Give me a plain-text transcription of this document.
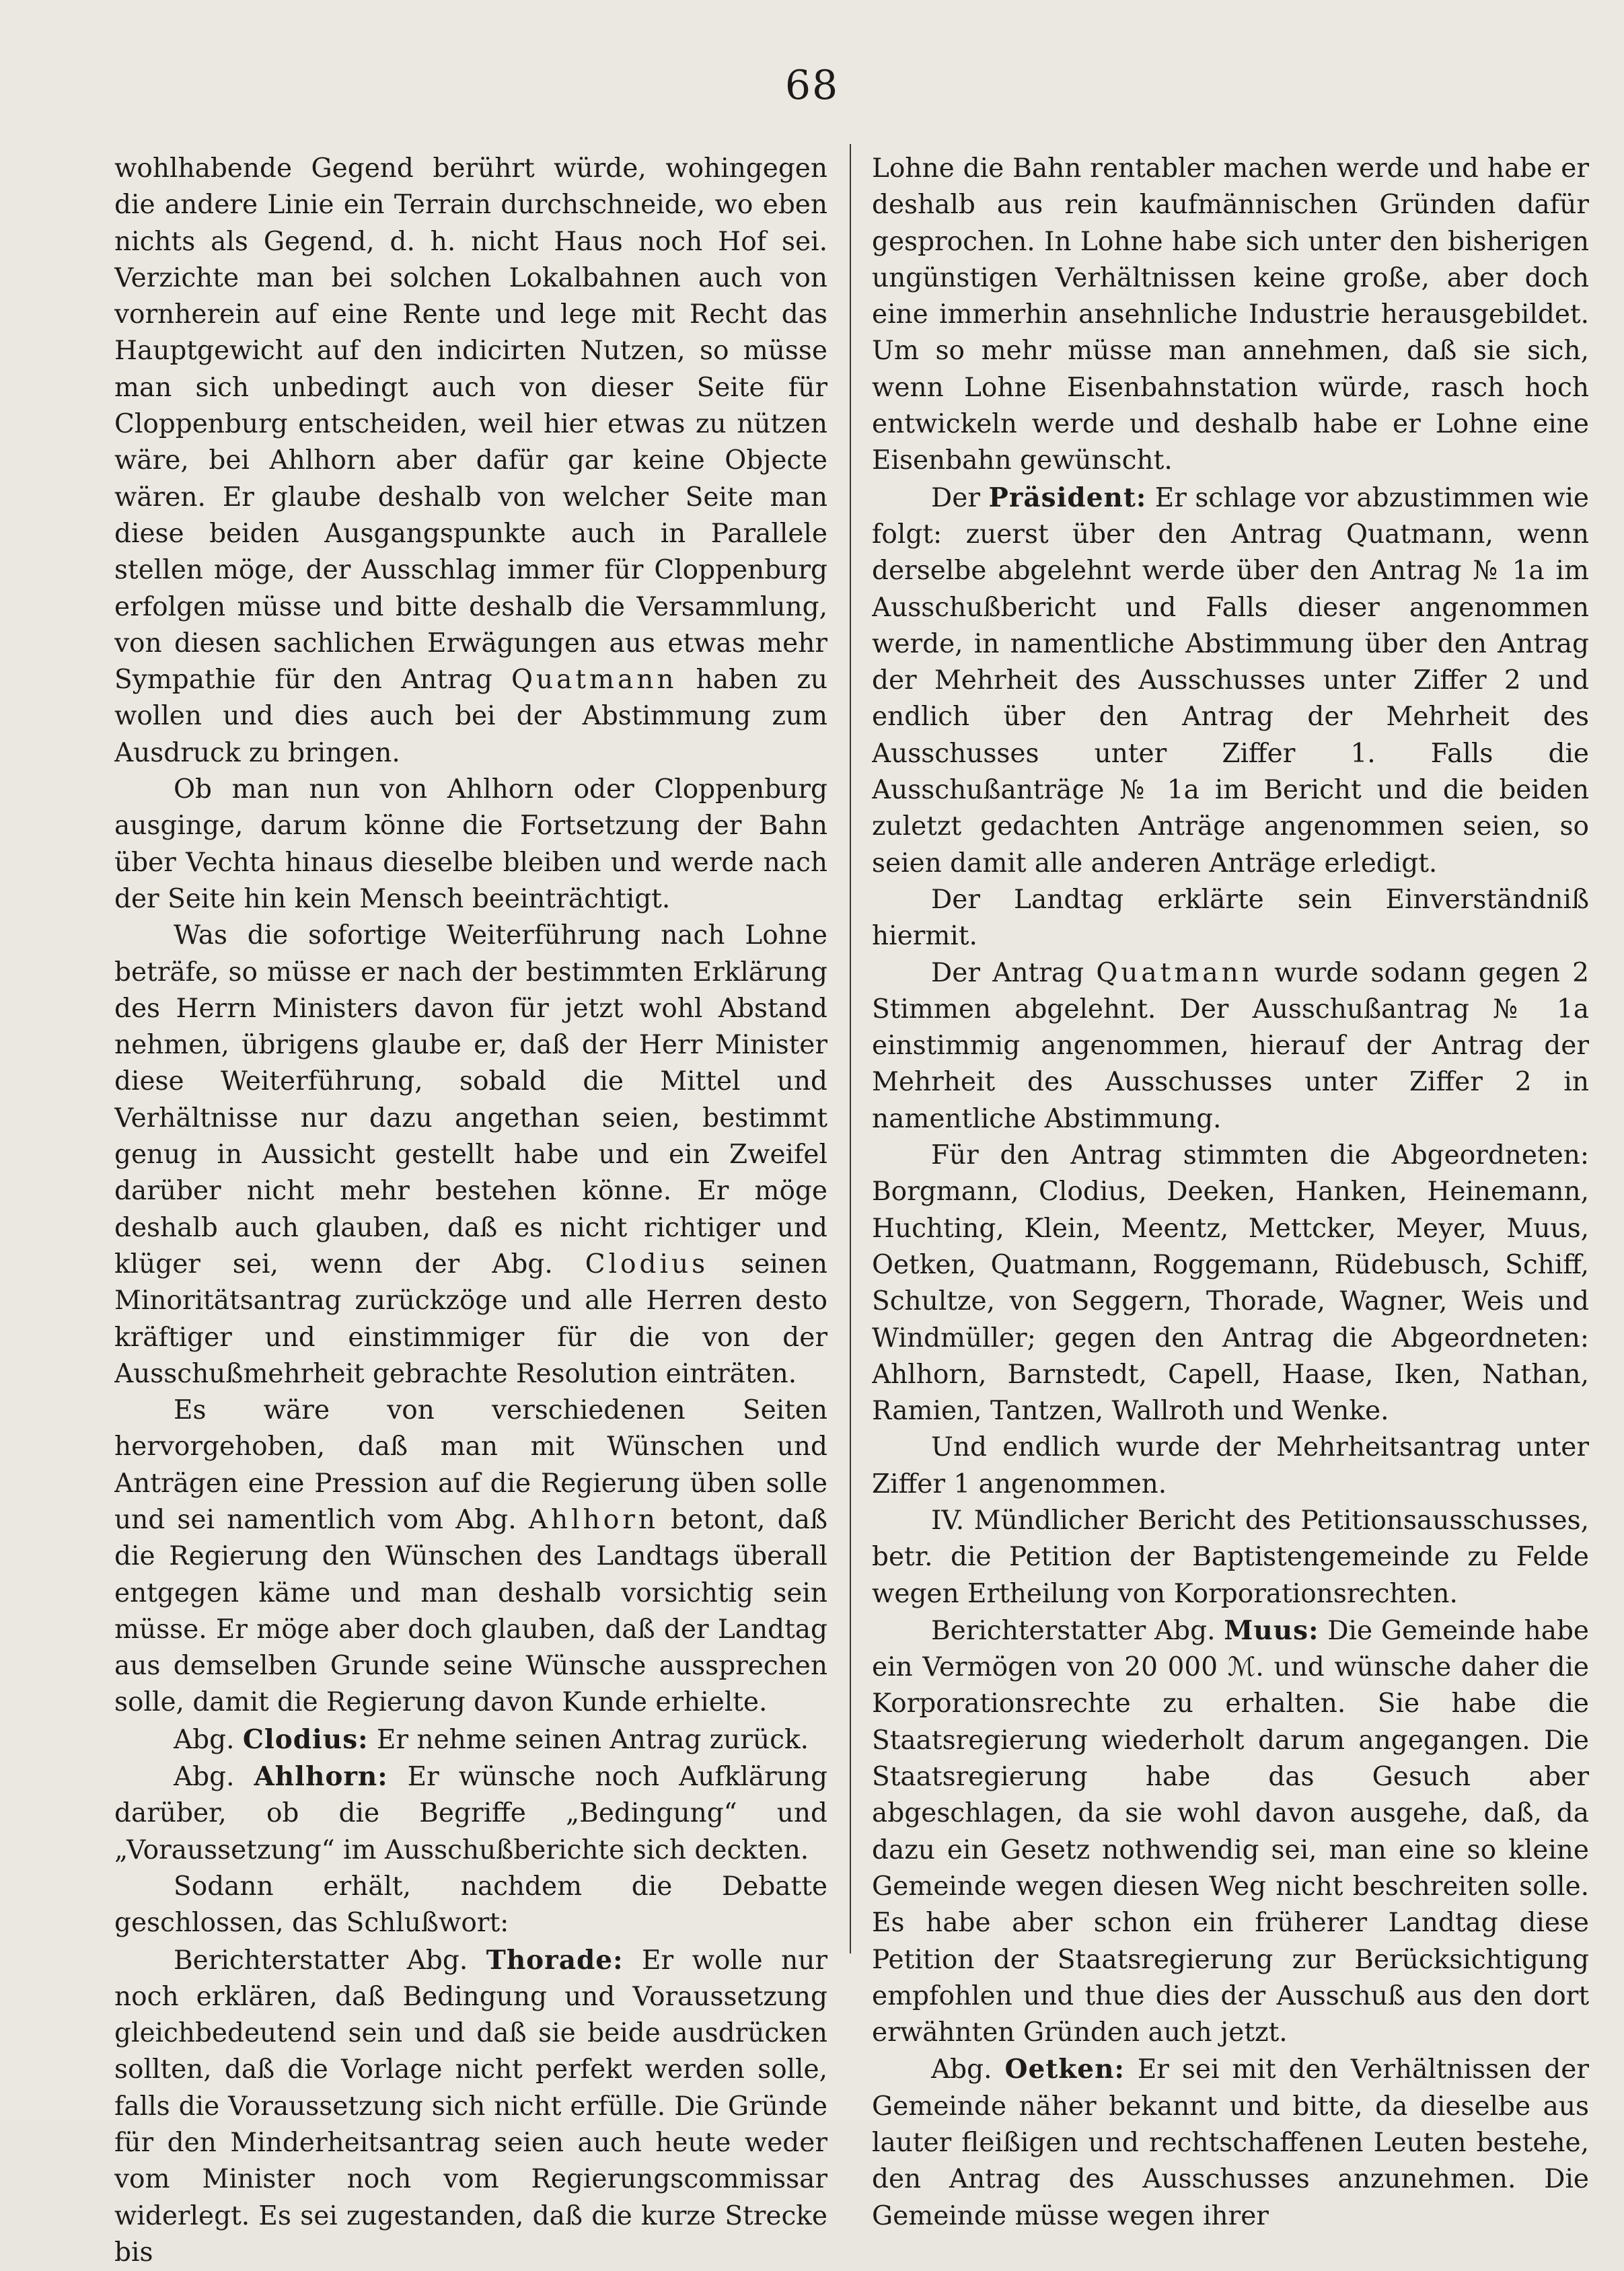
68

wohlhabende Gegend berührt würde, wohingegen die andere Linie ein Terrain durchschneide, wo eben nichts als Gegend, d. h. nicht Haus noch Hof sei. Verzichte man bei solchen Lokalbahnen auch von vornherein auf eine Rente und lege mit Recht das Hauptgewicht auf den indicirten Nutzen, so müsse man sich unbedingt auch von dieser Seite für Cloppenburg entscheiden, weil hier etwas zu nützen wäre, bei Ahlhorn aber dafür gar keine Objecte wären. Er glaube deshalb von welcher Seite man diese beiden Ausgangspunkte auch in Parallele stellen möge, der Ausschlag immer für Cloppenburg erfolgen müsse und bitte deshalb die Versammlung, von diesen sachlichen Erwägungen aus etwas mehr Sympathie für den Antrag Quatmann haben zu wollen und dies auch bei der Abstimmung zum Ausdruck zu bringen.

Ob man nun von Ahlhorn oder Cloppenburg ausginge, darum könne die Fortsetzung der Bahn über Vechta hinaus dieselbe bleiben und werde nach der Seite hin kein Mensch beeinträchtigt.

Was die sofortige Weiterführung nach Lohne beträfe, so müsse er nach der bestimmten Erklärung des Herrn Ministers davon für jetzt wohl Abstand nehmen, übrigens glaube er, daß der Herr Minister diese Weiterführung, sobald die Mittel und Verhältnisse nur dazu angethan seien, bestimmt genug in Aussicht gestellt habe und ein Zweifel darüber nicht mehr bestehen könne. Er möge deshalb auch glauben, daß es nicht richtiger und klüger sei, wenn der Abg. Clodius seinen Minoritätsantrag zurückzöge und alle Herren desto kräftiger und einstimmiger für die von der Ausschußmehrheit gebrachte Resolution einträten.

Es wäre von verschiedenen Seiten hervorgehoben, daß man mit Wünschen und Anträgen eine Pression auf die Regierung üben solle und sei namentlich vom Abg. Ahlhorn betont, daß die Regierung den Wünschen des Landtags überall entgegen käme und man deshalb vorsichtig sein müsse. Er möge aber doch glauben, daß der Landtag aus demselben Grunde seine Wünsche aussprechen solle, damit die Regierung davon Kunde erhielte.

Abg. Clodius: Er nehme seinen Antrag zurück.

Abg. Ahlhorn: Er wünsche noch Aufklärung darüber, ob die Begriffe „Bedingung“ und „Voraussetzung“ im Ausschußberichte sich deckten.

Sodann erhält, nachdem die Debatte geschlossen, das Schlußwort:

Berichterstatter Abg. Thorade: Er wolle nur noch erklären, daß Bedingung und Voraussetzung gleichbedeutend sein und daß sie beide ausdrücken sollten, daß die Vorlage nicht perfekt werden solle, falls die Voraussetzung sich nicht erfülle. Die Gründe für den Minderheitsantrag seien auch heute weder vom Minister noch vom Regierungscommissar widerlegt. Es sei zugestanden, daß die kurze Strecke bis

Lohne die Bahn rentabler machen werde und habe er deshalb aus rein kaufmännischen Gründen dafür gesprochen. In Lohne habe sich unter den bisherigen ungünstigen Verhältnissen keine große, aber doch eine immerhin ansehnliche Industrie herausgebildet. Um so mehr müsse man annehmen, daß sie sich, wenn Lohne Eisenbahnstation würde, rasch hoch entwickeln werde und deshalb habe er Lohne eine Eisenbahn gewünscht.

Der Präsident: Er schlage vor abzustimmen wie folgt: zuerst über den Antrag Quatmann, wenn derselbe abgelehnt werde über den Antrag № 1a im Ausschußbericht und Falls dieser angenommen werde, in namentliche Abstimmung über den Antrag der Mehrheit des Ausschusses unter Ziffer 2 und endlich über den Antrag der Mehrheit des Ausschusses unter Ziffer 1. Falls die Ausschußanträge № 1a im Bericht und die beiden zuletzt gedachten Anträge angenommen seien, so seien damit alle anderen Anträge erledigt.

Der Landtag erklärte sein Einverständniß hiermit.

Der Antrag Quatmann wurde sodann gegen 2 Stimmen abgelehnt. Der Ausschußantrag № 1a einstimmig angenommen, hierauf der Antrag der Mehrheit des Ausschusses unter Ziffer 2 in namentliche Abstimmung.

Für den Antrag stimmten die Abgeordneten: Borgmann, Clodius, Deeken, Hanken, Heinemann, Huchting, Klein, Meentz, Mettcker, Meyer, Muus, Oetken, Quatmann, Roggemann, Rüdebusch, Schiff, Schultze, von Seggern, Thorade, Wagner, Weis und Windmüller; gegen den Antrag die Abgeordneten: Ahlhorn, Barnstedt, Capell, Haase, Iken, Nathan, Ramien, Tantzen, Wallroth und Wenke.

Und endlich wurde der Mehrheitsantrag unter Ziffer 1 angenommen.

IV. Mündlicher Bericht des Petitionsausschusses, betr. die Petition der Baptistengemeinde zu Felde wegen Ertheilung von Korporationsrechten.

Berichterstatter Abg. Muus: Die Gemeinde habe ein Vermögen von 20 000 ℳ. und wünsche daher die Korporationsrechte zu erhalten. Sie habe die Staatsregierung wiederholt darum angegangen. Die Staatsregierung habe das Gesuch aber abgeschlagen, da sie wohl davon ausgehe, daß, da dazu ein Gesetz nothwendig sei, man eine so kleine Gemeinde wegen diesen Weg nicht beschreiten solle. Es habe aber schon ein früherer Landtag diese Petition der Staatsregierung zur Berücksichtigung empfohlen und thue dies der Ausschuß aus den dort erwähnten Gründen auch jetzt.

Abg. Oetken: Er sei mit den Verhältnissen der Gemeinde näher bekannt und bitte, da dieselbe aus lauter fleißigen und rechtschaffenen Leuten bestehe, den Antrag des Ausschusses anzunehmen. Die Gemeinde müsse wegen ihrer
